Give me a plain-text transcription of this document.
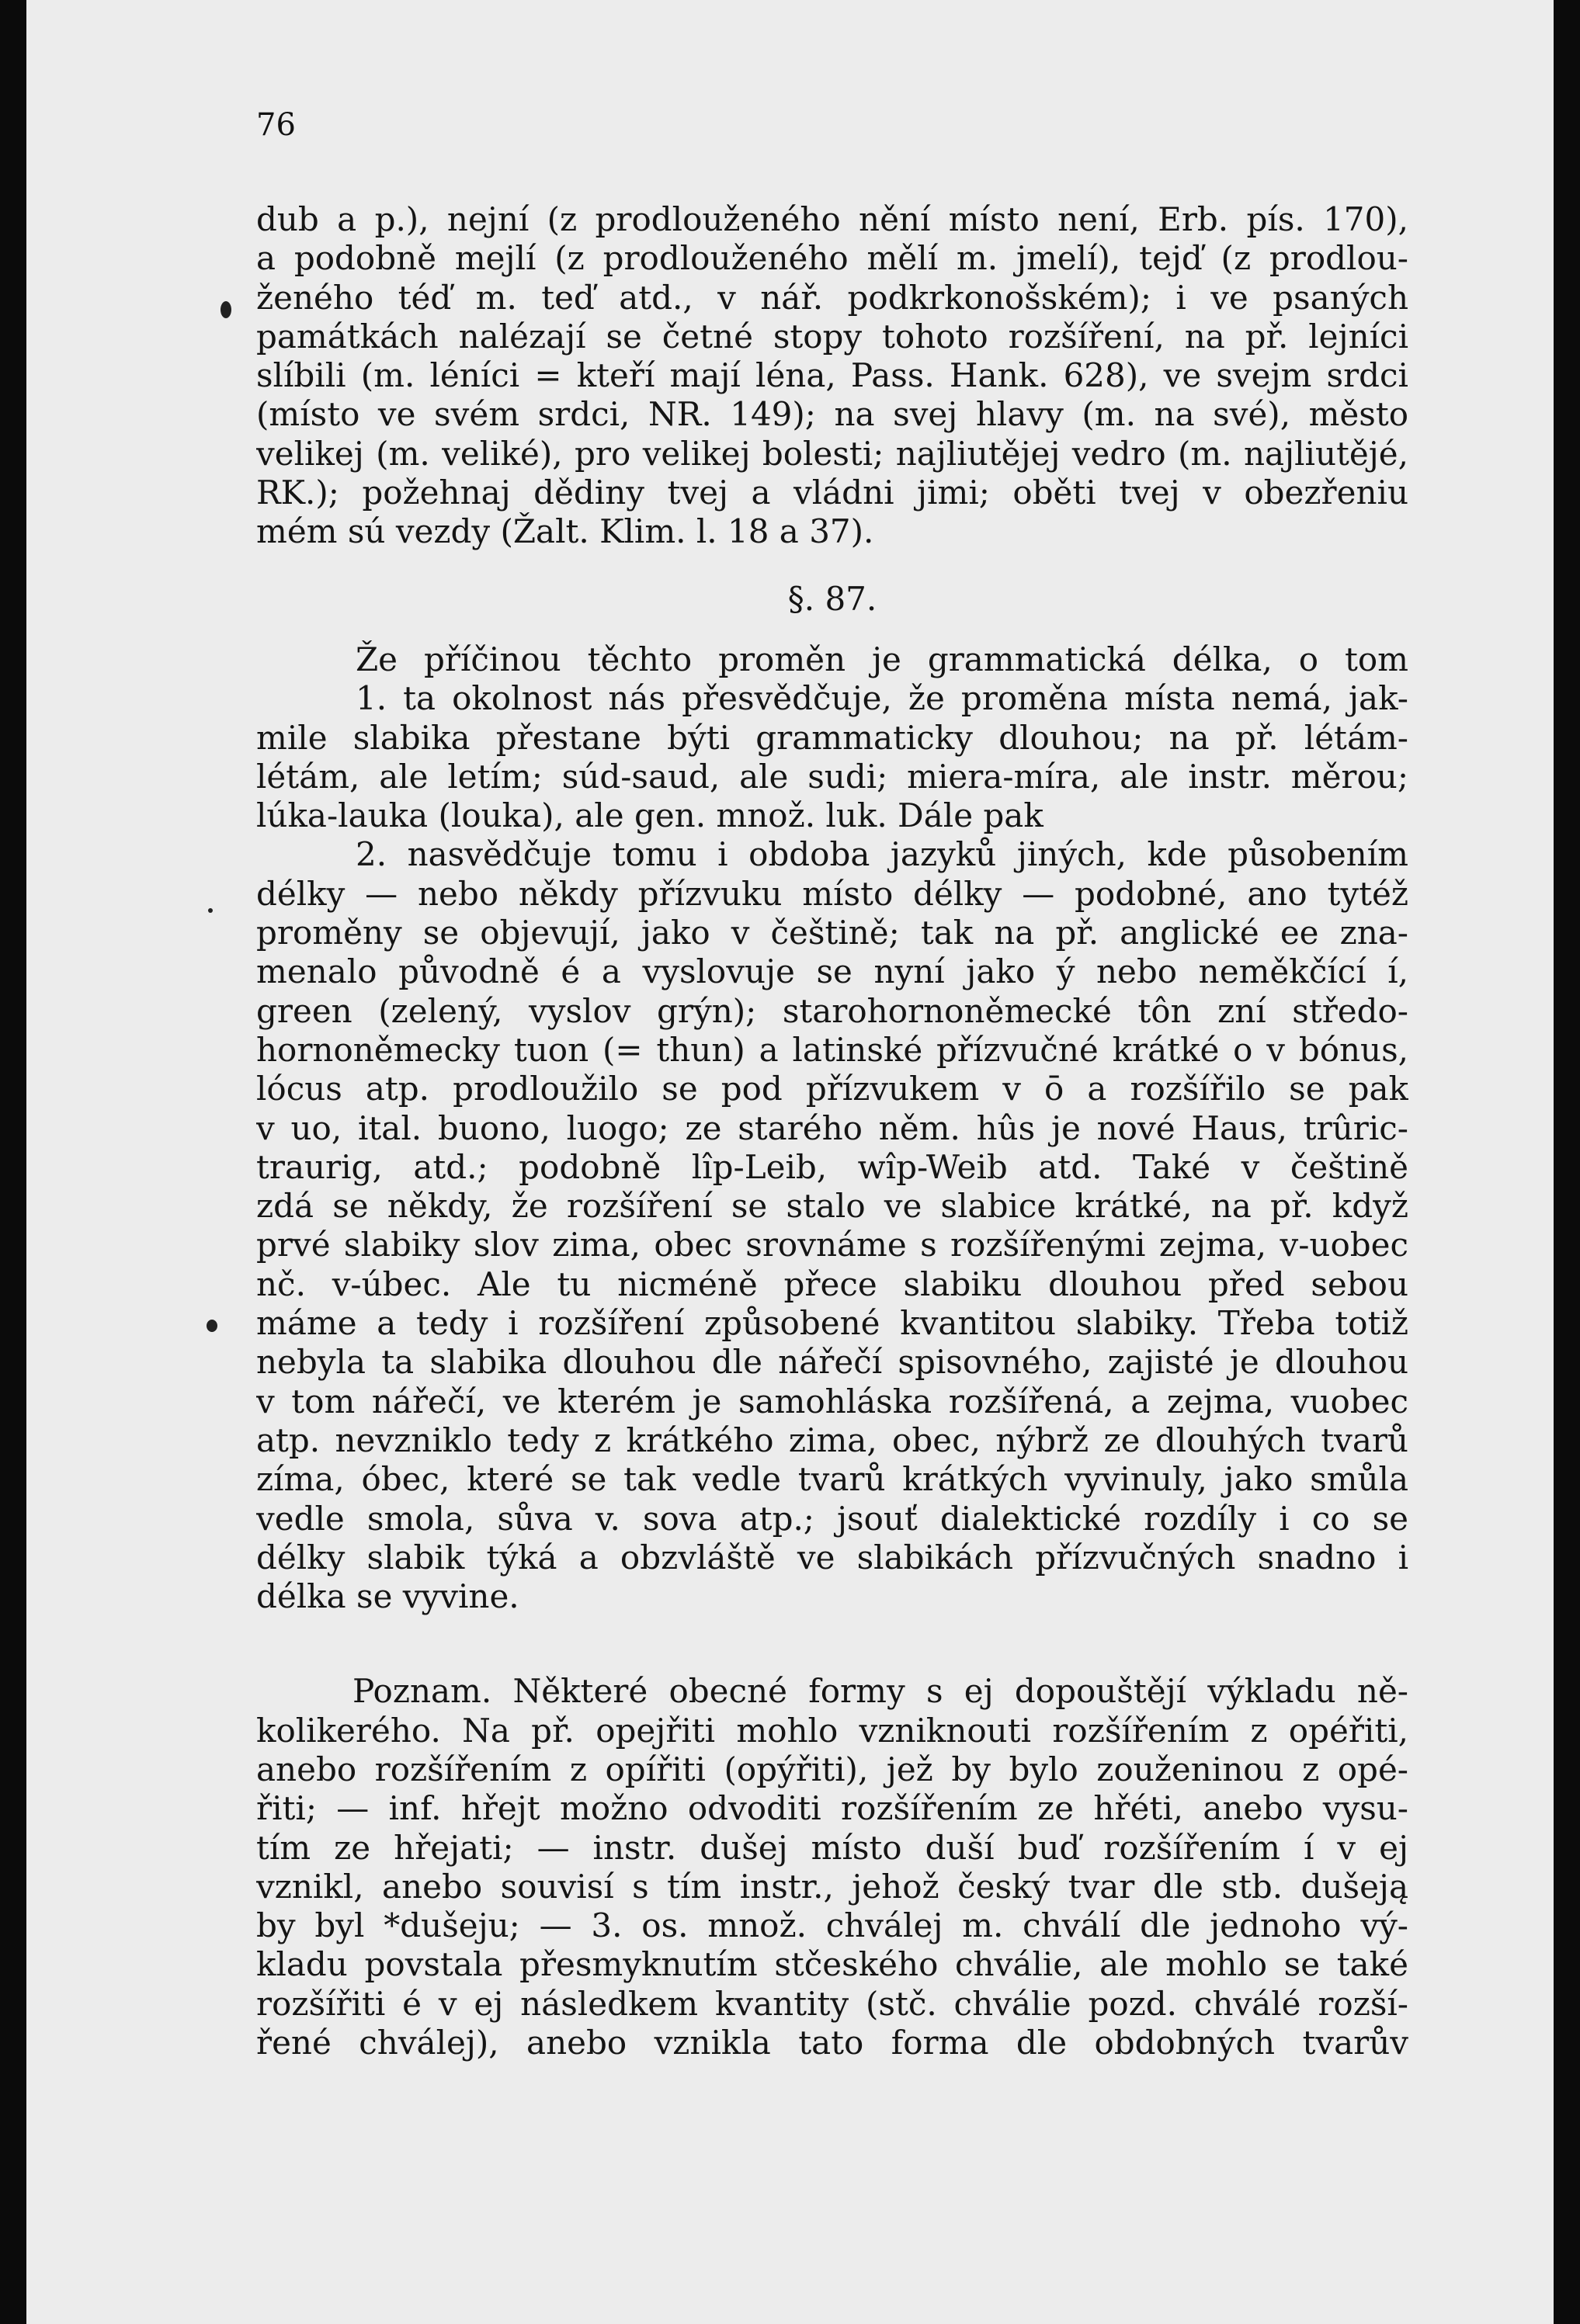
76
dub a p.), nejní (z prodlouženého nění místo není, Erb. pís. 170),
a podobně mejlí (z prodlouženého mělí m. jmelí), tejď (z prodlou-
ženého téď m. teď atd., v nář. podkrkonošském); i ve psaných
památkách nalézají se četné stopy tohoto rozšíření, na př. lejníci
slíbili (m. léníci = kteří mají léna, Pass. Hank. 628), ve svejm srdci
(místo ve svém srdci, NR. 149); na svej hlavy (m. na své), město
velikej (m. veliké), pro velikej bolesti; najliutějej vedro (m. najliutějé,
RK.); požehnaj dědiny tvej a vládni jimi; oběti tvej v obezřeniu
mém sú vezdy (Žalt. Klim. l. 18 a 37).
§. 87.
Že příčinou těchto proměn je grammatická délka, o tom
1. ta okolnost nás přesvědčuje, že proměna místa nemá, jak-
mile slabika přestane býti grammaticky dlouhou; na př. létám-
létám, ale letím; súd-saud, ale sudi; miera-míra, ale instr. měrou;
lúka-lauka (louka), ale gen. množ. luk. Dále pak
2. nasvědčuje tomu i obdoba jazyků jiných, kde působením
délky — nebo někdy přízvuku místo délky — podobné, ano tytéž
proměny se objevují, jako v češtině; tak na př. anglické ee zna-
menalo původně é a vyslovuje se nyní jako ý nebo neměkčící í,
green (zelený, vyslov grýn); starohornoněmecké tôn zní středo-
hornoněmecky tuon (= thun) a latinské přízvučné krátké o v bónus,
lócus atp. prodloužilo se pod přízvukem v ō a rozšířilo se pak
v uo, ital. buono, luogo; ze starého něm. hûs je nové Haus, trûric-
traurig, atd.; podobně lîp-Leib, wîp-Weib atd. Také v češtině
zdá se někdy, že rozšíření se stalo ve slabice krátké, na př. když
prvé slabiky slov zima, obec srovnáme s rozšířenými zejma, v-uobec
nč. v-úbec. Ale tu nicméně přece slabiku dlouhou před sebou
máme a tedy i rozšíření způsobené kvantitou slabiky. Třeba totiž
nebyla ta slabika dlouhou dle nářečí spisovného, zajisté je dlouhou
v tom nářečí, ve kterém je samohláska rozšířená, a zejma, vuobec
atp. nevzniklo tedy z krátkého zima, obec, nýbrž ze dlouhých tvarů
zíma, óbec, které se tak vedle tvarů krátkých vyvinuly, jako smůla
vedle smola, sůva v. sova atp.; jsouť dialektické rozdíly i co se
délky slabik týká a obzvláště ve slabikách přízvučných snadno i
délka se vyvine.
Poznam. Některé obecné formy s ej dopouštějí výkladu ně-
kolikerého. Na př. opejřiti mohlo vzniknouti rozšířením z opéřiti,
anebo rozšířením z opířiti (opýřiti), jež by bylo zouženinou z opé-
řiti; — inf. hřejt možno odvoditi rozšířením ze hřéti, anebo vysu-
tím ze hřejati; — instr. dušej místo duší buď rozšířením í v ej
vznikl, anebo souvisí s tím instr., jehož český tvar dle stb. dušeją
by byl *dušeju; — 3. os. množ. chválej m. chválí dle jednoho vý-
kladu povstala přesmyknutím stčeského chválie, ale mohlo se také
rozšířiti é v ej následkem kvantity (stč. chválie pozd. chválé rozší-
řené chválej), anebo vznikla tato forma dle obdobných tvarův
